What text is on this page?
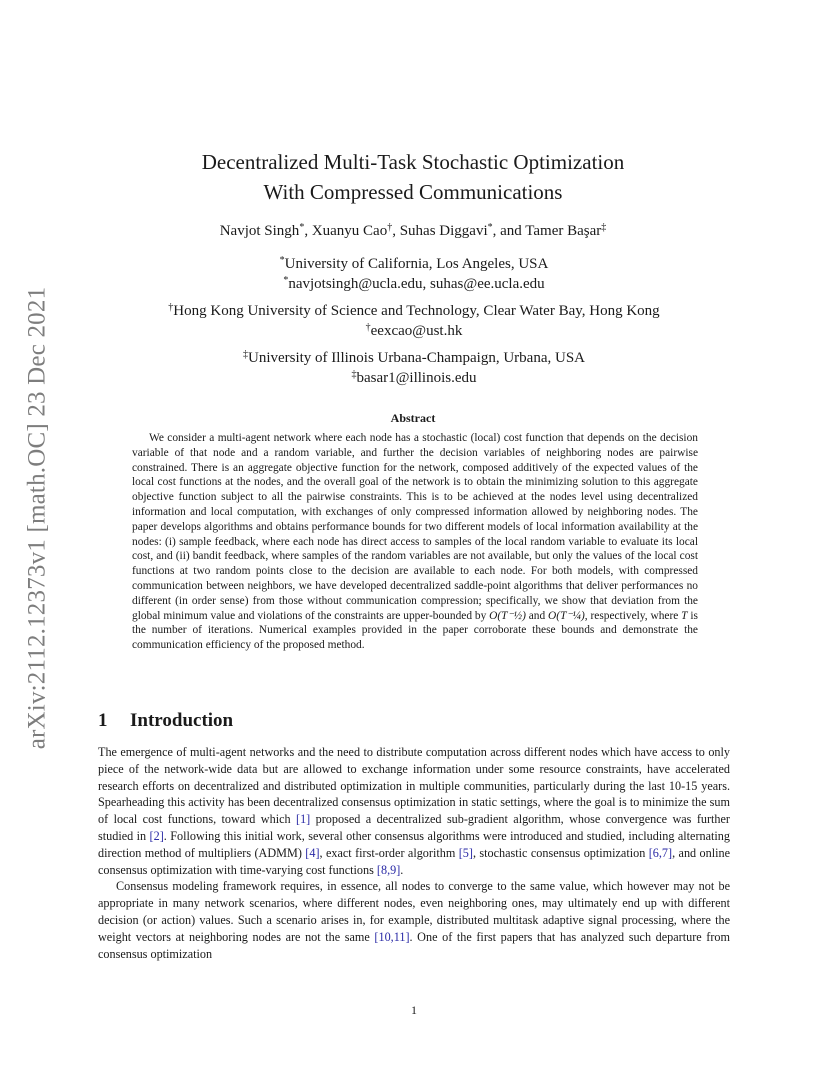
arXiv:2112.12373v1 [math.OC] 23 Dec 2021
Decentralized Multi-Task Stochastic Optimization
With Compressed Communications
Navjot Singh*, Xuanyu Cao†, Suhas Diggavi*, and Tamer Başar‡
*University of California, Los Angeles, USA
*navjotsingh@ucla.edu, suhas@ee.ucla.edu
†Hong Kong University of Science and Technology, Clear Water Bay, Hong Kong
†eexcao@ust.hk
‡University of Illinois Urbana-Champaign, Urbana, USA
‡basar1@illinois.edu
Abstract

We consider a multi-agent network where each node has a stochastic (local) cost function that depends on the decision variable of that node and a random variable, and further the decision variables of neighboring nodes are pairwise constrained. There is an aggregate objective function for the network, composed additively of the expected values of the local cost functions at the nodes, and the overall goal of the network is to obtain the minimizing solution to this aggregate objective function subject to all the pairwise constraints. This is to be achieved at the nodes level using decentralized information and local computation, with exchanges of only compressed information allowed by neighboring nodes. The paper develops algorithms and obtains performance bounds for two different models of local information availability at the nodes: (i) sample feedback, where each node has direct access to samples of the local random variable to evaluate its local cost, and (ii) bandit feedback, where samples of the random variables are not available, but only the values of the local cost functions at two random points close to the decision are available to each node. For both models, with compressed communication between neighbors, we have developed decentralized saddle-point algorithms that deliver performances no different (in order sense) from those without communication compression; specifically, we show that deviation from the global minimum value and violations of the constraints are upper-bounded by O(T⁻½) and O(T⁻¼), respectively, where T is the number of iterations. Numerical examples provided in the paper corroborate these bounds and demonstrate the communication efficiency of the proposed method.

1 Introduction

The emergence of multi-agent networks and the need to distribute computation across different nodes which have access to only piece of the network-wide data but are allowed to exchange information under some resource constraints, have accelerated research efforts on decentralized and distributed optimization in multiple communities, particularly during the last 10-15 years. Spearheading this activity has been decentralized consensus optimization in static settings, where the goal is to minimize the sum of local cost functions, toward which [1] proposed a decentralized sub-gradient algorithm, whose convergence was further studied in [2]. Following this initial work, several other consensus algorithms were introduced and studied, including alternating direction method of multipliers (ADMM) [4], exact first-order algorithm [5], stochastic consensus optimization [6,7], and online consensus optimization with time-varying cost functions [8,9].

Consensus modeling framework requires, in essence, all nodes to converge to the same value, which however may not be appropriate in many network scenarios, where different nodes, even neighboring ones, may ultimately end up with different decision (or action) values. Such a scenario arises in, for example, distributed multitask adaptive signal processing, where the weight vectors at neighboring nodes are not the same [10,11]. One of the first papers that has analyzed such departure from consensus optimization

1
